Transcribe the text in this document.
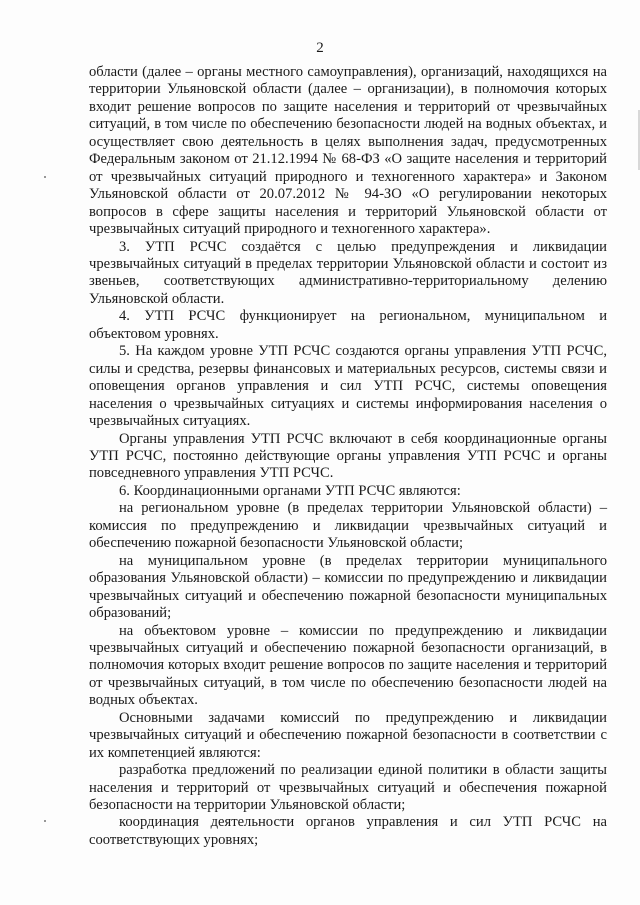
2

области (далее – органы местного самоуправления), организаций, находящихся на территории Ульяновской области (далее – организации), в полномочия которых входит решение вопросов по защите населения и территорий от чрезвычайных ситуаций, в том числе по обеспечению безопасности людей на водных объектах, и осуществляет свою деятельность в целях выполнения задач, предусмотренных Федеральным законом от 21.12.1994 № 68-ФЗ «О защите населения и территорий от чрезвычайных ситуаций природного и техногенного характера» и Законом Ульяновской области от 20.07.2012 № 94-ЗО «О регулировании некоторых вопросов в сфере защиты населения и территорий Ульяновской области от чрезвычайных ситуаций природного и техногенного характера».

3. УТП РСЧС создаётся с целью предупреждения и ликвидации чрезвычайных ситуаций в пределах территории Ульяновской области и состоит из звеньев, соответствующих административно-территориальному делению Ульяновской области.

4. УТП РСЧС функционирует на региональном, муниципальном и объектовом уровнях.

5. На каждом уровне УТП РСЧС создаются органы управления УТП РСЧС, силы и средства, резервы финансовых и материальных ресурсов, системы связи и оповещения органов управления и сил УТП РСЧС, системы оповещения населения о чрезвычайных ситуациях и системы информирования населения о чрезвычайных ситуациях.

Органы управления УТП РСЧС включают в себя координационные органы УТП РСЧС, постоянно действующие органы управления УТП РСЧС и органы повседневного управления УТП РСЧС.

6. Координационными органами УТП РСЧС являются:

на региональном уровне (в пределах территории Ульяновской области) – комиссия по предупреждению и ликвидации чрезвычайных ситуаций и обеспечению пожарной безопасности Ульяновской области;

на муниципальном уровне (в пределах территории муниципального образования Ульяновской области) – комиссии по предупреждению и ликвидации чрезвычайных ситуаций и обеспечению пожарной безопасности муниципальных образований;

на объектовом уровне – комиссии по предупреждению и ликвидации чрезвычайных ситуаций и обеспечению пожарной безопасности организаций, в полномочия которых входит решение вопросов по защите населения и территорий от чрезвычайных ситуаций, в том числе по обеспечению безопасности людей на водных объектах.

Основными задачами комиссий по предупреждению и ликвидации чрезвычайных ситуаций и обеспечению пожарной безопасности в соответствии с их компетенцией являются:

разработка предложений по реализации единой политики в области защиты населения и территорий от чрезвычайных ситуаций и обеспечения пожарной безопасности на территории Ульяновской области;

координация деятельности органов управления и сил УТП РСЧС на соответствующих уровнях;
